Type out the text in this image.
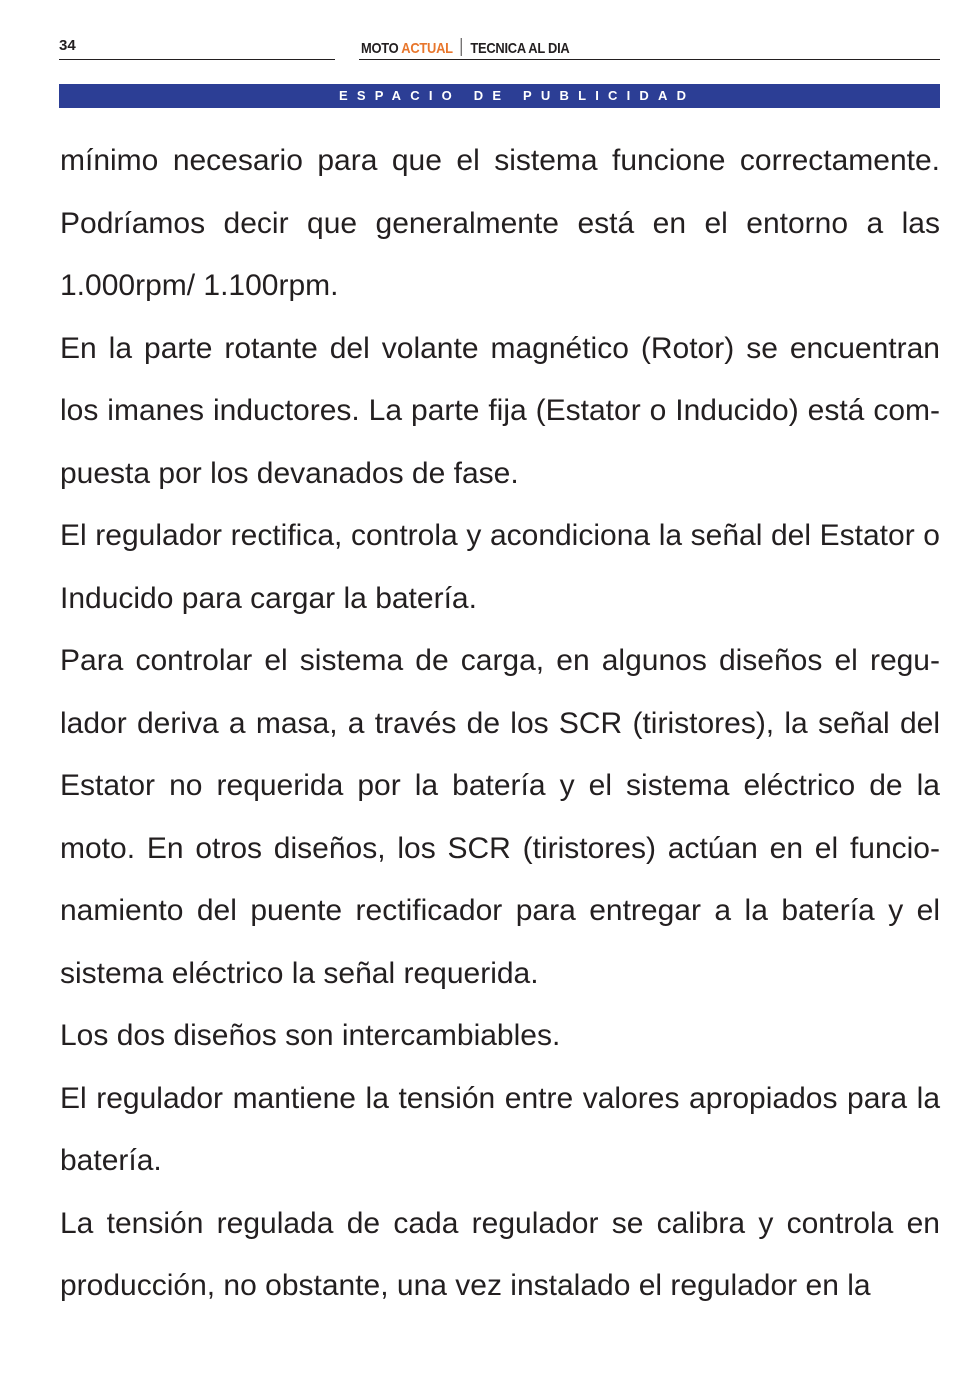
34	MOTO ACTUAL TECNICA AL DIA
ESPACIO DE PUBLICIDAD

mínimo necesario para que el sistema funcione correctamente. Podríamos decir que generalmente está en el entorno a las 1.000rpm/ 1.100rpm.

En la parte rotante del volante magnético (Rotor) se encuentran los imanes inductores. La parte fija (Estator o Inducido) está compuesta por los devanados de fase.

El regulador rectifica, controla y acondiciona la señal del Estator o Inducido para cargar la batería.

Para controlar el sistema de carga, en algunos diseños el regulador deriva a masa, a través de los SCR (tiristores), la señal del Estator no requerida por la batería y el sistema eléctrico de la moto. En otros diseños, los SCR (tiristores) actúan en el funcionamiento del puente rectificador para entregar a la batería y el sistema eléctrico la señal requerida.

Los dos diseños son intercambiables.

El regulador mantiene la tensión entre valores apropiados para la batería.

La tensión regulada de cada regulador se calibra y controla en producción, no obstante, una vez instalado el regulador en la
